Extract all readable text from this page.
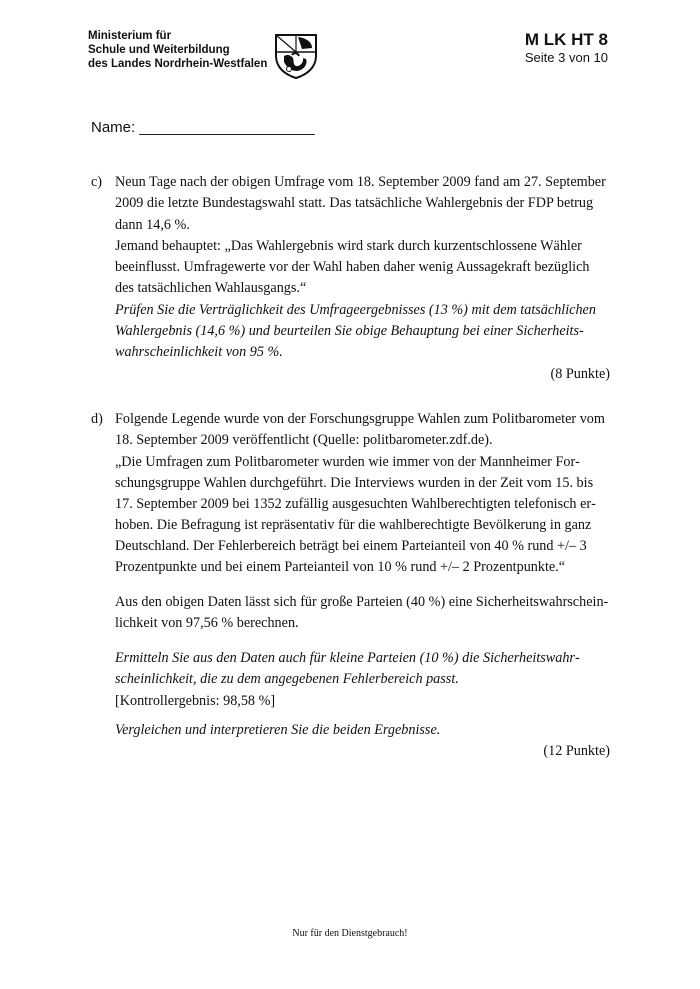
Ministerium für
Schule und Weiterbildung
des Landes Nordrhein-Westfalen
M LK HT 8
Seite 3 von 10
Name: _____________________
c) Neun Tage nach der obigen Umfrage vom 18. September 2009 fand am 27. September 2009 die letzte Bundestagswahl statt. Das tatsächliche Wahlergebnis der FDP betrug dann 14,6 %.

Jemand behauptet: „Das Wahlergebnis wird stark durch kurzentschlossene Wähler beeinflusst. Umfragewerte vor der Wahl haben daher wenig Aussagekraft bezüglich des tatsächlichen Wahlausgangs.“

Prüfen Sie die Verträglichkeit des Umfrageergebnisses (13 %) mit dem tatsächlichen Wahlergebnis (14,6 %) und beurteilen Sie obige Behauptung bei einer Sicherheitswahrscheinlichkeit von 95 %.

(8 Punkte)

d) Folgende Legende wurde von der Forschungsgruppe Wahlen zum Politbarometer vom 18. September 2009 veröffentlicht (Quelle: politbarometer.zdf.de).

„Die Umfragen zum Politbarometer wurden wie immer von der Mannheimer Forschungsgruppe Wahlen durchgeführt. Die Interviews wurden in der Zeit vom 15. bis 17. September 2009 bei 1352 zufällig ausgesuchten Wahlberechtigten telefonisch erhoben. Die Befragung ist repräsentativ für die wahlberechtigte Bevölkerung in ganz Deutschland. Der Fehlerbereich beträgt bei einem Parteianteil von 40 % rund +/– 3 Prozentpunkte und bei einem Parteianteil von 10 % rund +/– 2 Prozentpunkte.“

Aus den obigen Daten lässt sich für große Parteien (40 %) eine Sicherheitswahrscheinlichkeit von 97,56 % berechnen.

Ermitteln Sie aus den Daten auch für kleine Parteien (10 %) die Sicherheitswahrscheinlichkeit, die zu dem angegebenen Fehlerbereich passt.

[Kontrollergebnis: 98,58 %]

Vergleichen und interpretieren Sie die beiden Ergebnisse.

(12 Punkte)

Nur für den Dienstgebrauch!
